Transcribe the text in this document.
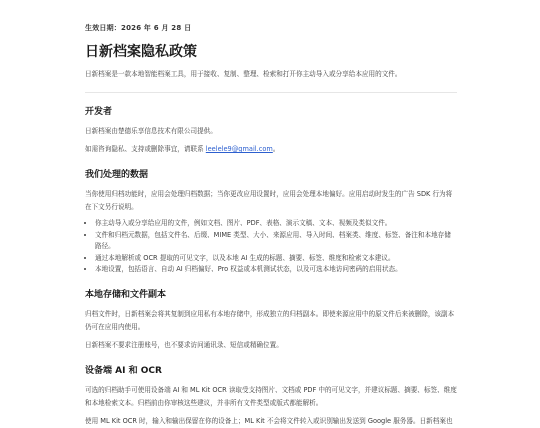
生效日期：2026 年 6 月 28 日
日新档案隐私政策
日新档案是一款本地智能档案工具，用于接收、复制、整理、检索和打开你主动导入或分享给本应用的文件。
开发者

日新档案由楚德乐享信息技术有限公司提供。

如需咨询隐私、支持或删除事宜，请联系 leelele9@gmail.com。

我们处理的数据

当你使用归档功能时，应用会处理归档数据；当你更改应用设置时，应用会处理本地偏好。应用启动时发生的广告 SDK 行为将在下文另行说明。

• 你主动导入或分享给应用的文件，例如文档、图片、PDF、表格、演示文稿、文本、视频及类似文件。
• 文件和归档元数据，包括文件名、后缀、MIME 类型、大小、来源应用、导入时间、档案类、维度、标签、备注和本地存储路径。
• 通过本地解析或 OCR 提取的可见文字，以及本地 AI 生成的标题、摘要、标签、维度和检索文本建议。
• 本地设置，包括语言、自动 AI 归档偏好、Pro 权益或本机测试状态，以及可选本地访问密码的启用状态。
本地存储和文件副本

归档文件时，日新档案会将其复制到应用私有本地存储中，形成独立的归档副本。即使来源应用中的原文件后来被删除，该副本仍可在应用内使用。

日新档案不要求注册账号，也不要求访问通讯录、短信或精确位置。

设备端 AI 和 OCR

可选的归档助手可使用设备端 AI 和 ML Kit OCR 读取受支持图片、文档或 PDF 中的可见文字，并建议标题、摘要、标签、维度和本地检索文本。归档前由你审核这些建议，并非所有文件类型或版式都能解析。

使用 ML Kit OCR 时，输入和输出保留在你的设备上；ML Kit 不会将文件转入或识别输出发送到 Google 服务器。日新档案也
